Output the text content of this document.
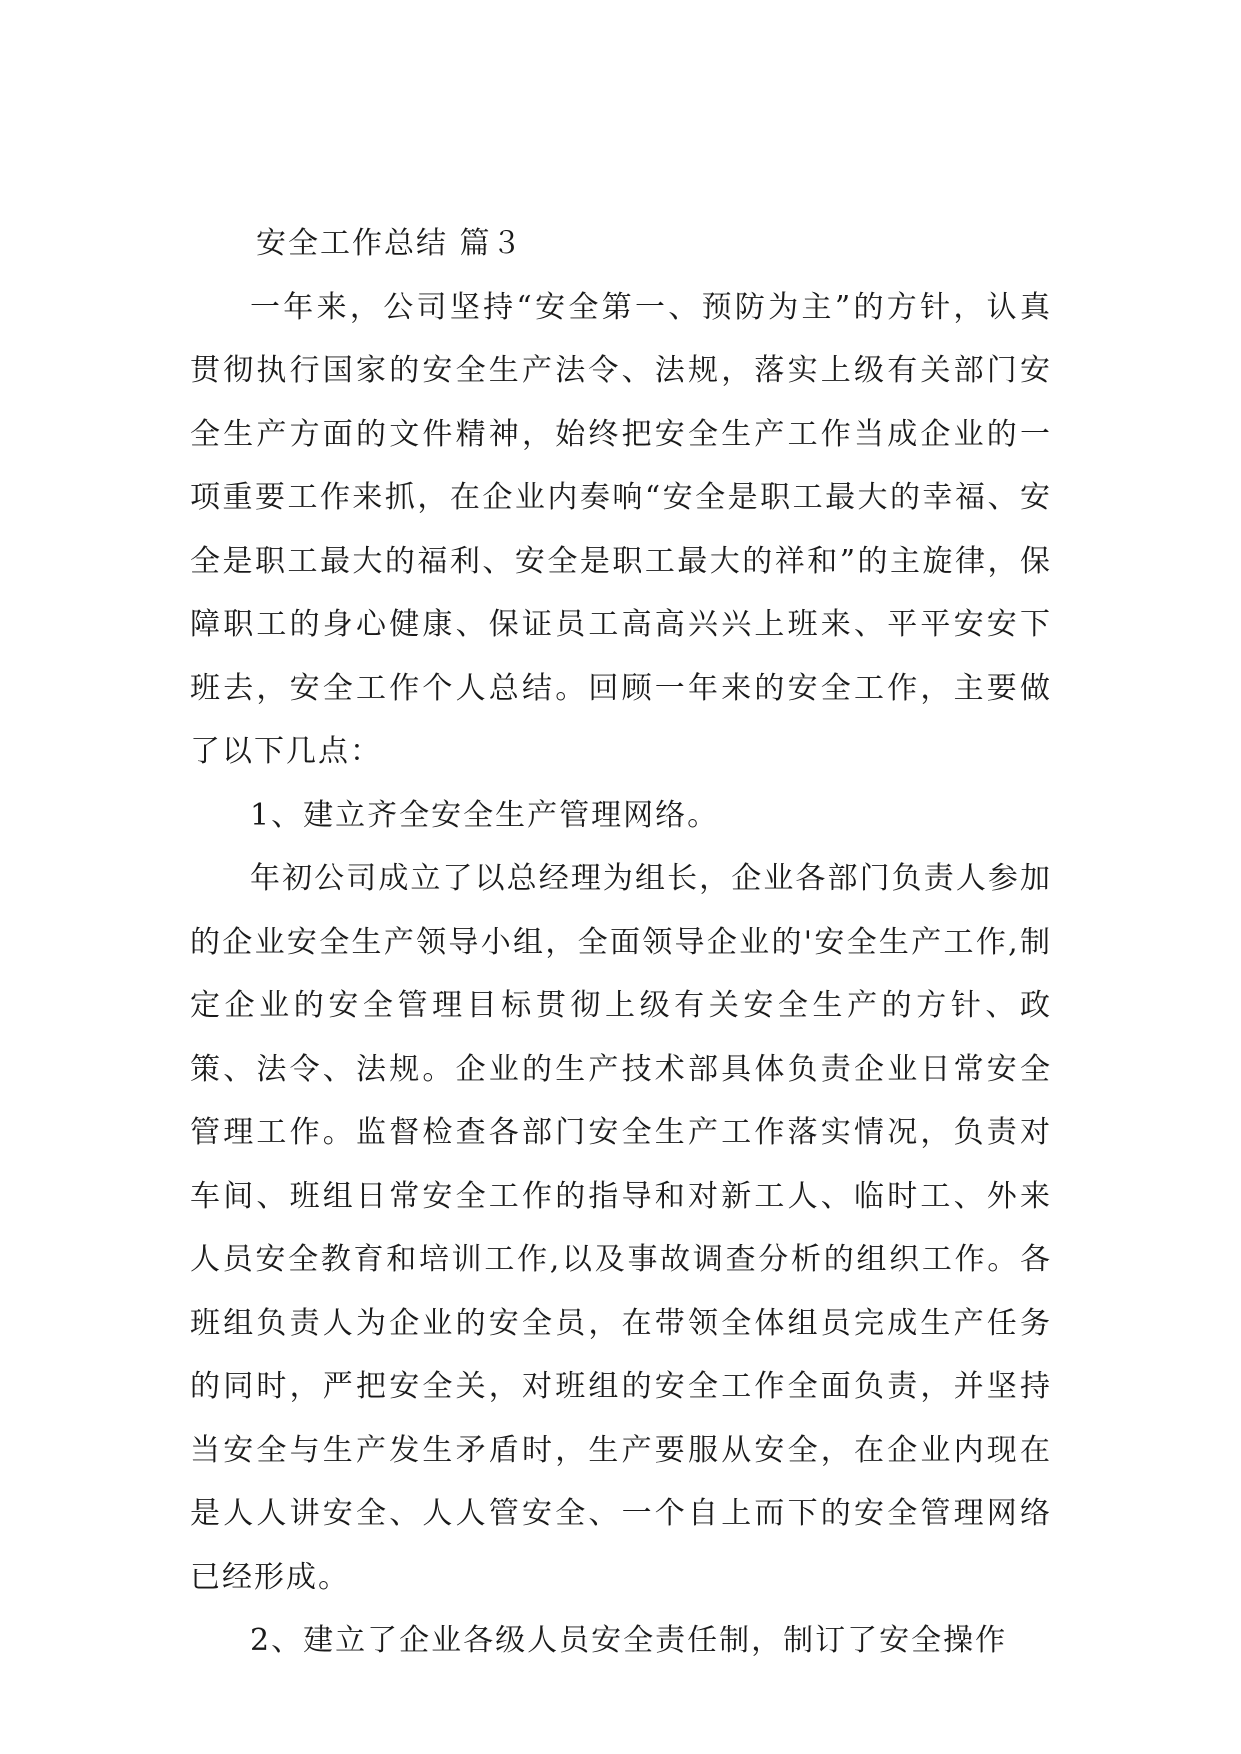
安全工作总结 篇３

一年来，公司坚持“安全第一、预防为主”的方针，认真贯彻执行国家的安全生产法令、法规，落实上级有关部门安全生产方面的文件精神，始终把安全生产工作当成企业的一项重要工作来抓，在企业内奏响“安全是职工最大的幸福、安全是职工最大的福利、安全是职工最大的祥和”的主旋律，保障职工的身心健康、保证员工高高兴兴上班来、平平安安下班去，安全工作个人总结。回顾一年来的安全工作，主要做了以下几点：

1、建立齐全安全生产管理网络。

年初公司成立了以总经理为组长，企业各部门负责人参加的企业安全生产领导小组，全面领导企业的'安全生产工作,制定企业的安全管理目标贯彻上级有关安全生产的方针、政策、法令、法规。企业的生产技术部具体负责企业日常安全管理工作。监督检查各部门安全生产工作落实情况，负责对车间、班组日常安全工作的指导和对新工人、临时工、外来人员安全教育和培训工作,以及事故调查分析的组织工作。各班组负责人为企业的安全员，在带领全体组员完成生产任务的同时，严把安全关，对班组的安全工作全面负责，并坚持当安全与生产发生矛盾时，生产要服从安全，在企业内现在是人人讲安全、人人管安全、一个自上而下的安全管理网络已经形成。

2、建立了企业各级人员安全责任制，制订了安全操作
